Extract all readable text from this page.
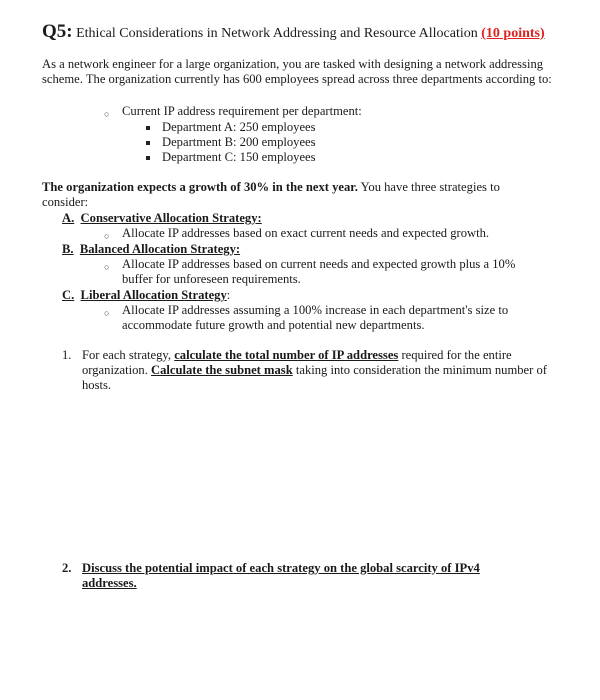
Q5: Ethical Considerations in Network Addressing and Resource Allocation (10 points)
As a network engineer for a large organization, you are tasked with designing a network addressing scheme. The organization currently has 600 employees spread across three departments according to:
○ Current IP address requirement per department:
Department A: 250 employees
Department B: 200 employees
Department C: 150 employees
The organization expects a growth of 30% in the next year. You have three strategies to
consider:
A. Conservative Allocation Strategy:
○ Allocate IP addresses based on exact current needs and expected growth.
B. Balanced Allocation Strategy:
○ Allocate IP addresses based on current needs and expected growth plus a 10%
buffer for unforeseen requirements.
C. Liberal Allocation Strategy:
○ Allocate IP addresses assuming a 100% increase in each department's size to
accommodate future growth and potential new departments.
1. For each strategy, calculate the total number of IP addresses required for the entire organization. Calculate the subnet mask taking into consideration the minimum number of hosts.
2. Discuss the potential impact of each strategy on the global scarcity of IPv4
addresses.
